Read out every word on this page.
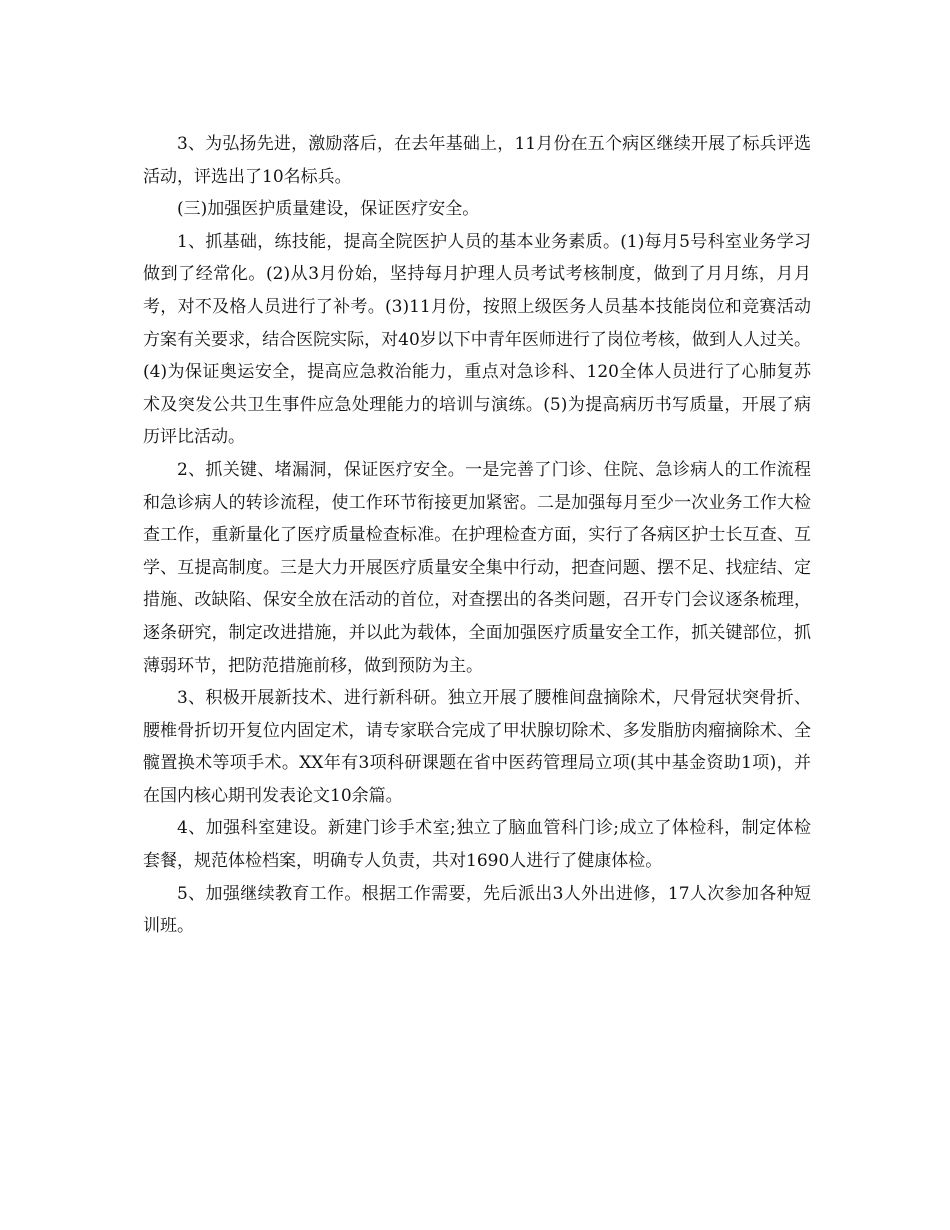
3、为弘扬先进，激励落后，在去年基础上，11月份在五个病区继续开展了标兵评选活动，评选出了10名标兵。

(三)加强医护质量建设，保证医疗安全。

1、抓基础，练技能，提高全院医护人员的基本业务素质。(1)每月5号科室业务学习做到了经常化。(2)从3月份始，坚持每月护理人员考试考核制度，做到了月月练，月月考，对不及格人员进行了补考。(3)11月份，按照上级医务人员基本技能岗位和竞赛活动方案有关要求，结合医院实际，对40岁以下中青年医师进行了岗位考核，做到人人过关。(4)为保证奥运安全，提高应急救治能力，重点对急诊科、120全体人员进行了心肺复苏术及突发公共卫生事件应急处理能力的培训与演练。(5)为提高病历书写质量，开展了病历评比活动。

2、抓关键、堵漏洞，保证医疗安全。一是完善了门诊、住院、急诊病人的工作流程和急诊病人的转诊流程，使工作环节衔接更加紧密。二是加强每月至少一次业务工作大检查工作，重新量化了医疗质量检查标准。在护理检查方面，实行了各病区护士长互查、互学、互提高制度。三是大力开展医疗质量安全集中行动，把查问题、摆不足、找症结、定措施、改缺陷、保安全放在活动的首位，对查摆出的各类问题，召开专门会议逐条梳理，逐条研究，制定改进措施，并以此为载体，全面加强医疗质量安全工作，抓关键部位，抓薄弱环节，把防范措施前移，做到预防为主。

3、积极开展新技术、进行新科研。独立开展了腰椎间盘摘除术，尺骨冠状突骨折、腰椎骨折切开复位内固定术，请专家联合完成了甲状腺切除术、多发脂肪肉瘤摘除术、全髋置换术等项手术。XX年有3项科研课题在省中医药管理局立项(其中基金资助1项)，并在国内核心期刊发表论文10余篇。

4、加强科室建设。新建门诊手术室;独立了脑血管科门诊;成立了体检科，制定体检套餐，规范体检档案，明确专人负责，共对1690人进行了健康体检。

5、加强继续教育工作。根据工作需要，先后派出3人外出进修，17人次参加各种短训班。
